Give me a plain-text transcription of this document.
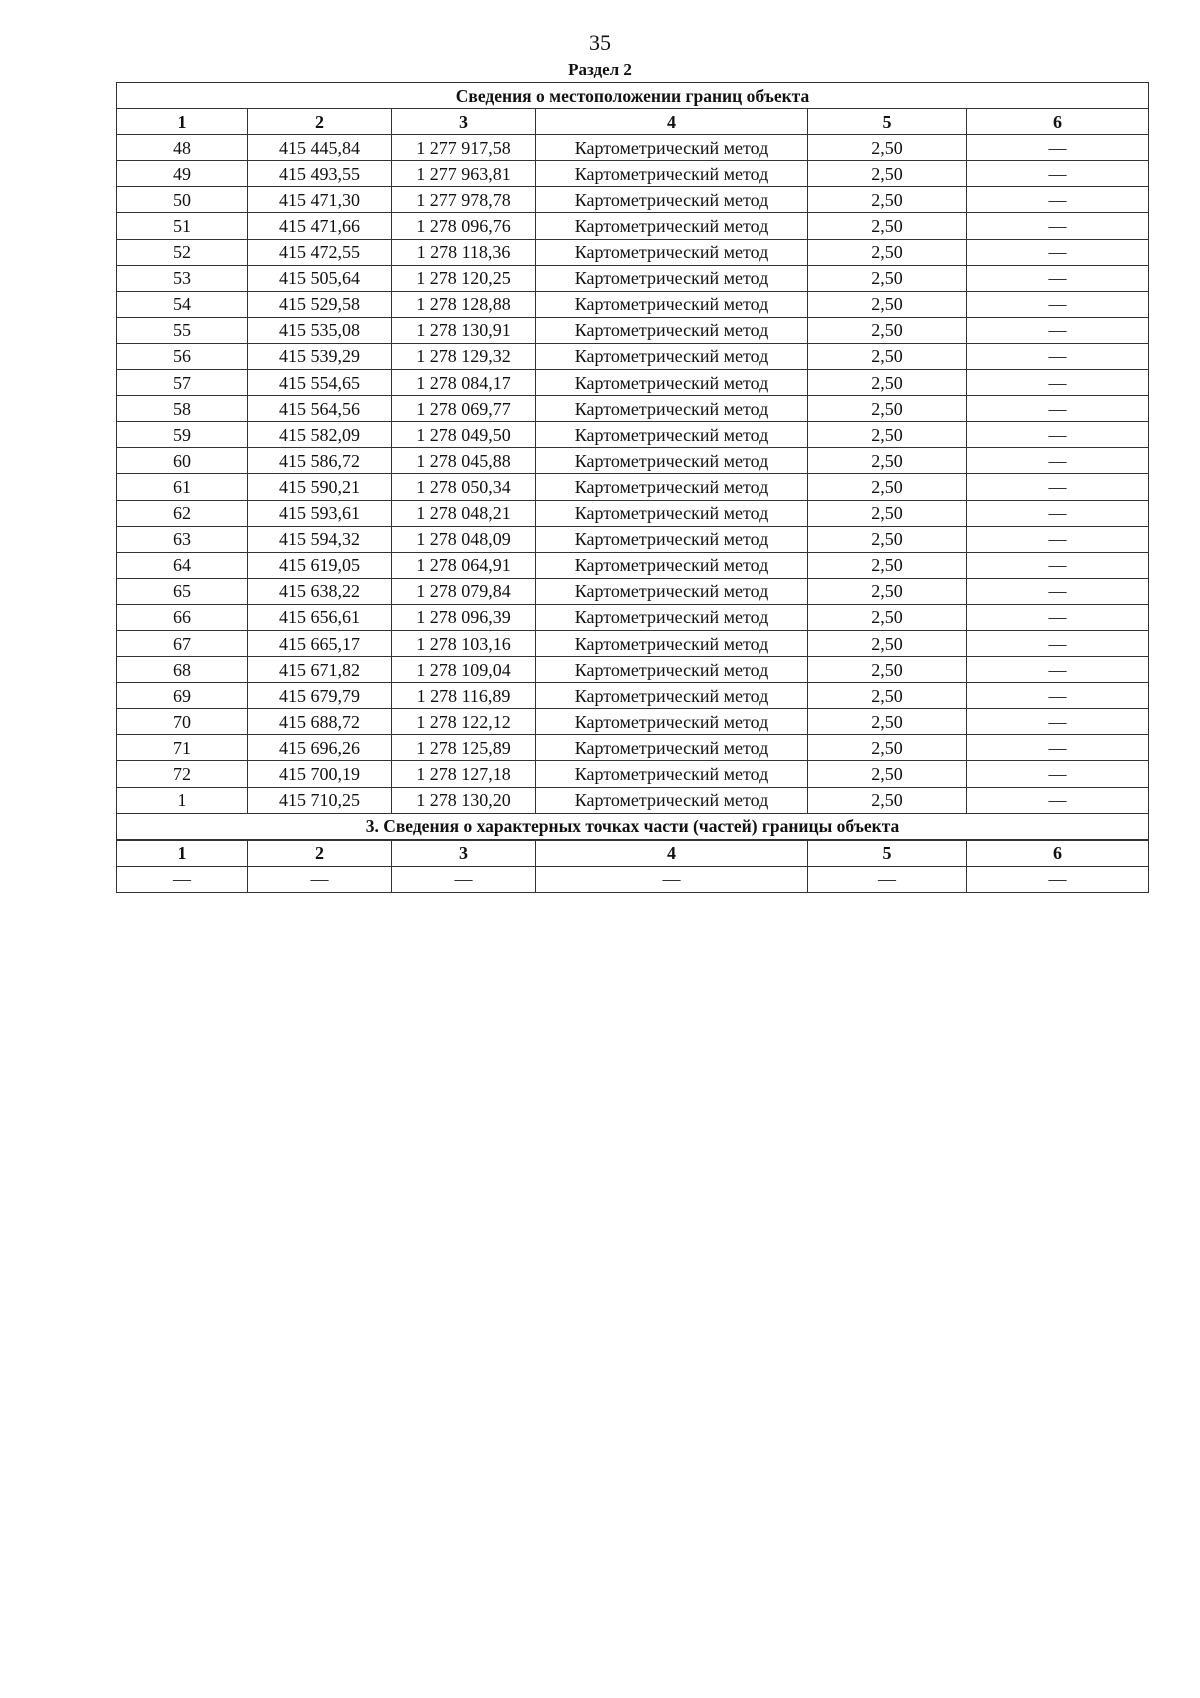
35
Раздел 2
Сведения о местоположении границ объекта					
1	2	3	4	5	6
48	415 445,84	1 277 917,58	Картометрический метод	2,50	—
49	415 493,55	1 277 963,81	Картометрический метод	2,50	—
50	415 471,30	1 277 978,78	Картометрический метод	2,50	—
51	415 471,66	1 278 096,76	Картометрический метод	2,50	—
52	415 472,55	1 278 118,36	Картометрический метод	2,50	—
53	415 505,64	1 278 120,25	Картометрический метод	2,50	—
54	415 529,58	1 278 128,88	Картометрический метод	2,50	—
55	415 535,08	1 278 130,91	Картометрический метод	2,50	—
56	415 539,29	1 278 129,32	Картометрический метод	2,50	—
57	415 554,65	1 278 084,17	Картометрический метод	2,50	—
58	415 564,56	1 278 069,77	Картометрический метод	2,50	—
59	415 582,09	1 278 049,50	Картометрический метод	2,50	—
60	415 586,72	1 278 045,88	Картометрический метод	2,50	—
61	415 590,21	1 278 050,34	Картометрический метод	2,50	—
62	415 593,61	1 278 048,21	Картометрический метод	2,50	—
63	415 594,32	1 278 048,09	Картометрический метод	2,50	—
64	415 619,05	1 278 064,91	Картометрический метод	2,50	—
65	415 638,22	1 278 079,84	Картометрический метод	2,50	—
66	415 656,61	1 278 096,39	Картометрический метод	2,50	—
67	415 665,17	1 278 103,16	Картометрический метод	2,50	—
68	415 671,82	1 278 109,04	Картометрический метод	2,50	—
69	415 679,79	1 278 116,89	Картометрический метод	2,50	—
70	415 688,72	1 278 122,12	Картометрический метод	2,50	—
71	415 696,26	1 278 125,89	Картометрический метод	2,50	—
72	415 700,19	1 278 127,18	Картометрический метод	2,50	—
1	415 710,25	1 278 130,20	Картометрический метод	2,50	—
3. Сведения о характерных точках части (частей) границы объекта					
1	2	3	4	5	6
—	—	—	—	—	—
